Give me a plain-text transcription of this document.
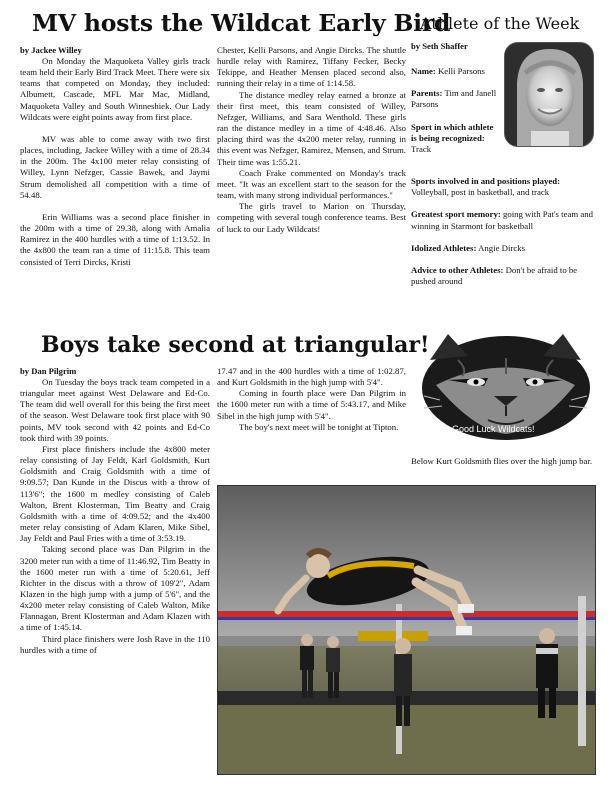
MV hosts the Wildcat Early Bird
by Jackee Willey

On Monday the Maquoketa Valley girls track team held their Early Bird Track Meet. There were six teams that competed on Monday, they included: Albumett, Cascade, MFL Mar Mac, Midland, Maquoketa Valley and South Winneshiek. Our Lady Wildcats were eight points away from first place.

MV was able to come away with two first places, including, Jackee Willey with a time of 28.34 in the 200m. The 4x100 meter relay consisting of Willey, Lynn Nefzger, Cassie Bawek, and Jaymi Strum demolished all competition with a time of 54.48.

Erin Williams was a second place finisher in the 200m with a time of 29.38, along with Amalia Ramirez in the 400 hurdles with a time of 1:13.52. In the 4x800 the team ran a time of 11:15.8. This team consisted of Terri Dircks, Kristi

Chester, Kelli Parsons, and Angie Dircks. The shuttle hurdle relay with Ramirez, Tiffany Fecker, Becky Tekippe, and Heather Mensen placed second also, running their relay in a time of 1:14.58.

The distance medley relay earned a bronze at their first meet, this team consisted of Willey, Nefzger, Williams, and Sara Wenthold. These girls ran the distance medley in a time of 4:48.46. Also placing third was the 4x200 meter relay, running in this event was Nefzger, Ramirez, Mensen, and Strum. Their time was 1:55.21.

Coach Frake commented on Monday's track meet. "It was an excellent start to the season for the team, with many strong individual performances."

The girls travel to Marion on Thursday, competing with several tough conference teams. Best of luck to our Lady Wildcats!

Athlete of the Week
by Seth Shaffer
Name: Kelli Parsons
Parents: Tim and Janell Parsons
Sport in which athlete is being recognized: Track
Sports involved in and positions played: Volleyball, post in basketball, and track
Greatest sport memory: going with Pat's team and winning in Starmont for basketball
Idolized Athletes: Angie Dircks
Advice to other Athletes: Don't be afraid to be pushed around
Good Luck Wildcats!
Below Kurt Goldsmith flies over the high jump bar.
Boys take second at triangular!
by Dan Pilgrim

On Tuesday the boys track team competed in a triangular meet against West Delaware and Ed-Co. The team did well overall for this being the first meet of the season. West Delaware took first place with 90 points, MV took second with 42 points and Ed-Co took third with 39 points.

First place finishers include the 4x800 meter relay consisting of Jay Feldt, Karl Goldsmith, Kurt Goldsmith and Craig Goldsmith with a time of 9:09.57; Dan Kunde in the Discus with a throw of 113'6"; the 1600 m medley consisting of Caleb Walton, Brent Klosterman, Tim Beatty and Craig Goldsmith with a time of 4:09.52; and the 4x400 meter relay consisting of Adam Klaren, Mike Sibel, Jay Feldt and Paul Fries with a time of 3:53.19.

Taking second place was Dan Pilgrim in the 3200 meter run with a time of 11:46.92, Tim Beatty in the 1600 meter run with a time of 5:20.61, Jeff Richter in the discus with a throw of 109'2", Adam Klazen in the high jump with a jump of 5'6", and the 4x200 meter relay consisting of Caleb Walton, Mike Flannagan, Brent Klosterman and Adam Klazen with a time of 1:45.14.

Third place finishers were Josh Rave in the 110 hurdles with a time of

17.47 and in the 400 hurdles with a time of 1:02.87, and Kurt Goldsmith in the high jump with 5'4".

Coming in fourth place were Dan Pilgrim in the 1600 meter run with a time of 5:43.17, and Mike Sibel in the high jump with 5'4".

The boy's next meet will be tonight at Tipton.
